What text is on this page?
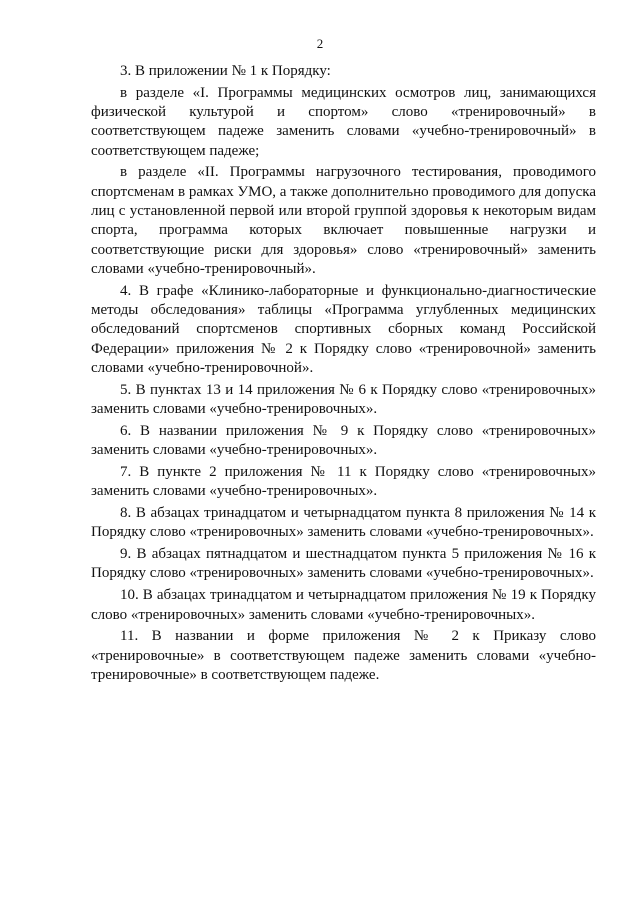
2

3. В приложении № 1 к Порядку:

в разделе «I. Программы медицинских осмотров лиц, занимающихся физической культурой и спортом» слово «тренировочный» в соответствующем падеже заменить словами «учебно-тренировочный» в соответствующем падеже;

в разделе «II. Программы нагрузочного тестирования, проводимого спортсменам в рамках УМО, а также дополнительно проводимого для допуска лиц с установленной первой или второй группой здоровья к некоторым видам спорта, программа которых включает повышенные нагрузки и соответствующие риски для здоровья» слово «тренировочный» заменить словами «учебно-тренировочный».

4. В графе «Клинико-лабораторные и функционально-диагностические методы обследования» таблицы «Программа углубленных медицинских обследований спортсменов спортивных сборных команд Российской Федерации» приложения № 2 к Порядку слово «тренировочной» заменить словами «учебно-тренировочной».

5. В пунктах 13 и 14 приложения № 6 к Порядку слово «тренировочных» заменить словами «учебно-тренировочных».

6. В названии приложения № 9 к Порядку слово «тренировочных» заменить словами «учебно-тренировочных».

7. В пункте 2 приложения № 11 к Порядку слово «тренировочных» заменить словами «учебно-тренировочных».

8. В абзацах тринадцатом и четырнадцатом пункта 8 приложения № 14 к Порядку слово «тренировочных» заменить словами «учебно-тренировочных».

9. В абзацах пятнадцатом и шестнадцатом пункта 5 приложения № 16 к Порядку слово «тренировочных» заменить словами «учебно-тренировочных».

10. В абзацах тринадцатом и четырнадцатом приложения № 19 к Порядку слово «тренировочных» заменить словами «учебно-тренировочных».

11. В названии и форме приложения № 2 к Приказу слово «тренировочные» в соответствующем падеже заменить словами «учебно-тренировочные» в соответствующем падеже.
